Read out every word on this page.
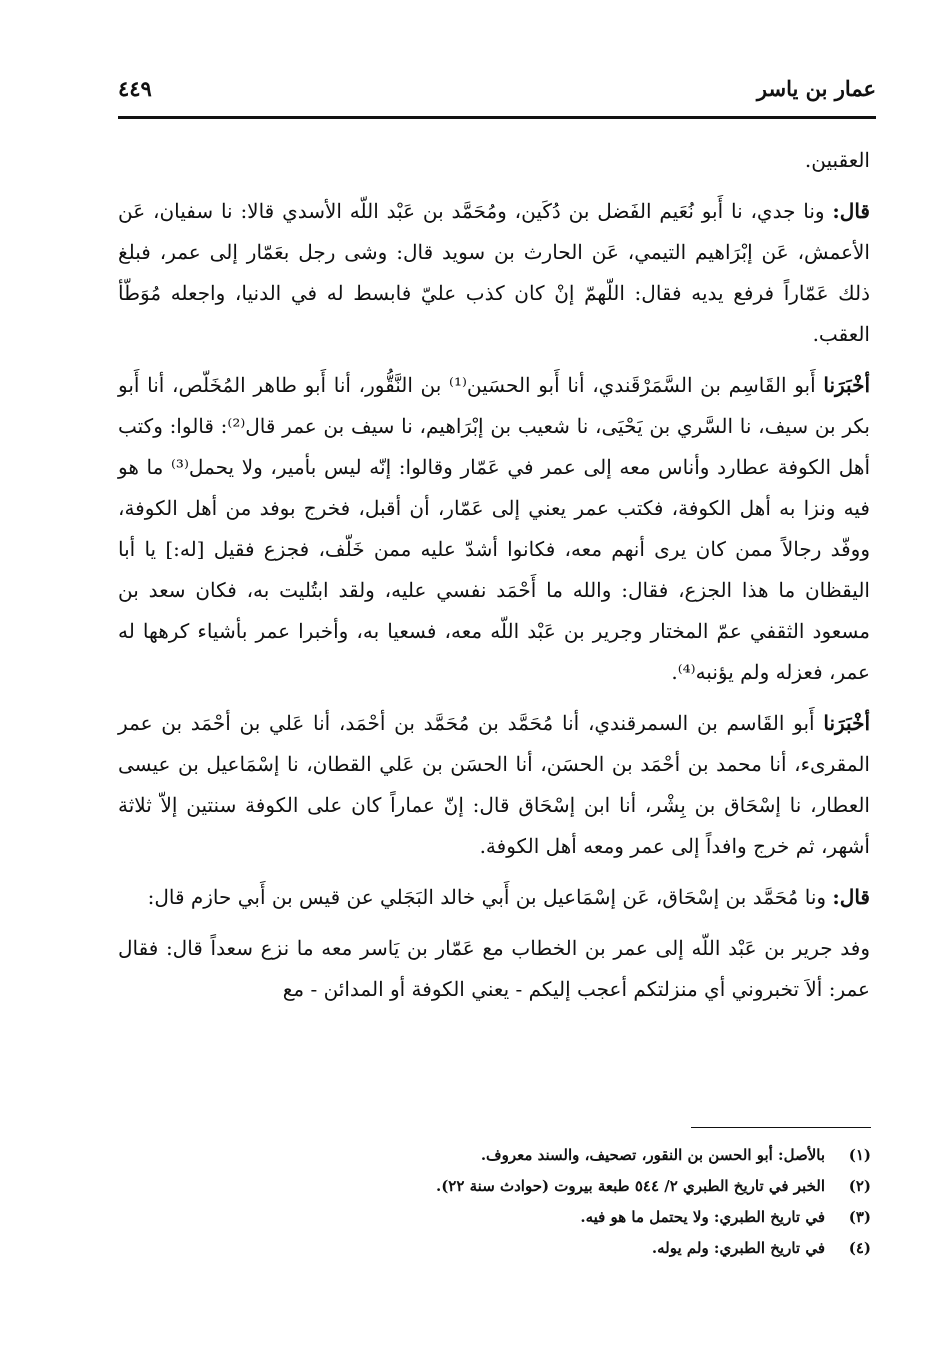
٤٤٩	عمار بن ياسر

العقبين.

قال: ونا جدي، نا أَبو نُعَيم الفَضل بن دُكَين، ومُحَمَّد بن عَبْد اللّه الأسدي قالا: نا سفيان، عَن الأعمش، عَن إبْرَاهيم التيمي، عَن الحارث بن سويد قال: وشى رجل بعَمّار إلى عمر، فبلغ ذلك عَمّاراً فرفع يديه فقال: اللّهمّ إنْ كان كذب عليّ فابسط له في الدنيا، واجعله مُوَطّأ العقب.

أخْبَرَنا أَبو القَاسِم بن السَّمَرْقَندي، أنا أَبو الحسَين⁽¹⁾ بن النَّقُّور، أنا أَبو طاهر المُخَلّص، أنا أَبو بكر بن سيف، نا السَّري بن يَحْيَى، نا شعيب بن إبْرَاهيم، نا سيف بن عمر قال⁽²⁾: قالوا: وكتب أهل الكوفة عطارد وأناس معه إلى عمر في عَمّار وقالوا: إنّه ليس بأمير، ولا يحمل⁽³⁾ ما هو فيه ونزا به أهل الكوفة، فكتب عمر يعني إلى عَمّار، أن أقبل، فخرج بوفد من أهل الكوفة، ووفّد رجالاً ممن كان يرى أنهم معه، فكانوا أشدّ عليه ممن خَلّف، فجزع فقيل [له:] يا أبا اليقظان ما هذا الجزع، فقال: والله ما أَحْمَد نفسي عليه، ولقد ابتُليت به، فكان سعد بن مسعود الثقفي عمّ المختار وجرير بن عَبْد اللّه معه، فسعيا به، وأخبرا عمر بأشياء كرهها له عمر، فعزله ولم يؤنبه⁽⁴⁾.

أخْبَرَنا أَبو القَاسم بن السمرقندي، أنا مُحَمَّد بن مُحَمَّد بن أحْمَد، أنا عَلي بن أحْمَد بن عمر المقرىء، أنا محمد بن أحْمَد بن الحسَن، أنا الحسَن بن عَلي القطان، نا إسْمَاعيل بن عيسى العطار، نا إسْحَاق بن بِشْر، أنا ابن إسْحَاق قال: إنّ عماراً كان على الكوفة سنتين إلاّ ثلاثة أشهر، ثم خرج وافداً إلى عمر ومعه أهل الكوفة.

قال: ونا مُحَمَّد بن إسْحَاق، عَن إسْمَاعيل بن أَبي خالد البَجَلي عن قيس بن أَبي حازم قال:

وفد جرير بن عَبْد اللّه إلى عمر بن الخطاب مع عَمّار بن يَاسر معه ما نزع سعداً قال: فقال عمر: ألاَ تخبروني أي منزلتكم أعجب إليكم - يعني الكوفة أو المدائن - مع

(١)
بالأصل: أبو الحسن بن النقور، تصحيف، والسند معروف.
(٢)
الخبر في تاريخ الطبري ٢/ ٥٤٤ طبعة بيروت (حوادث سنة ٢٢).
(٣)
في تاريخ الطبري: ولا يحتمل ما هو فيه.
(٤)
في تاريخ الطبري: ولم يوله.
